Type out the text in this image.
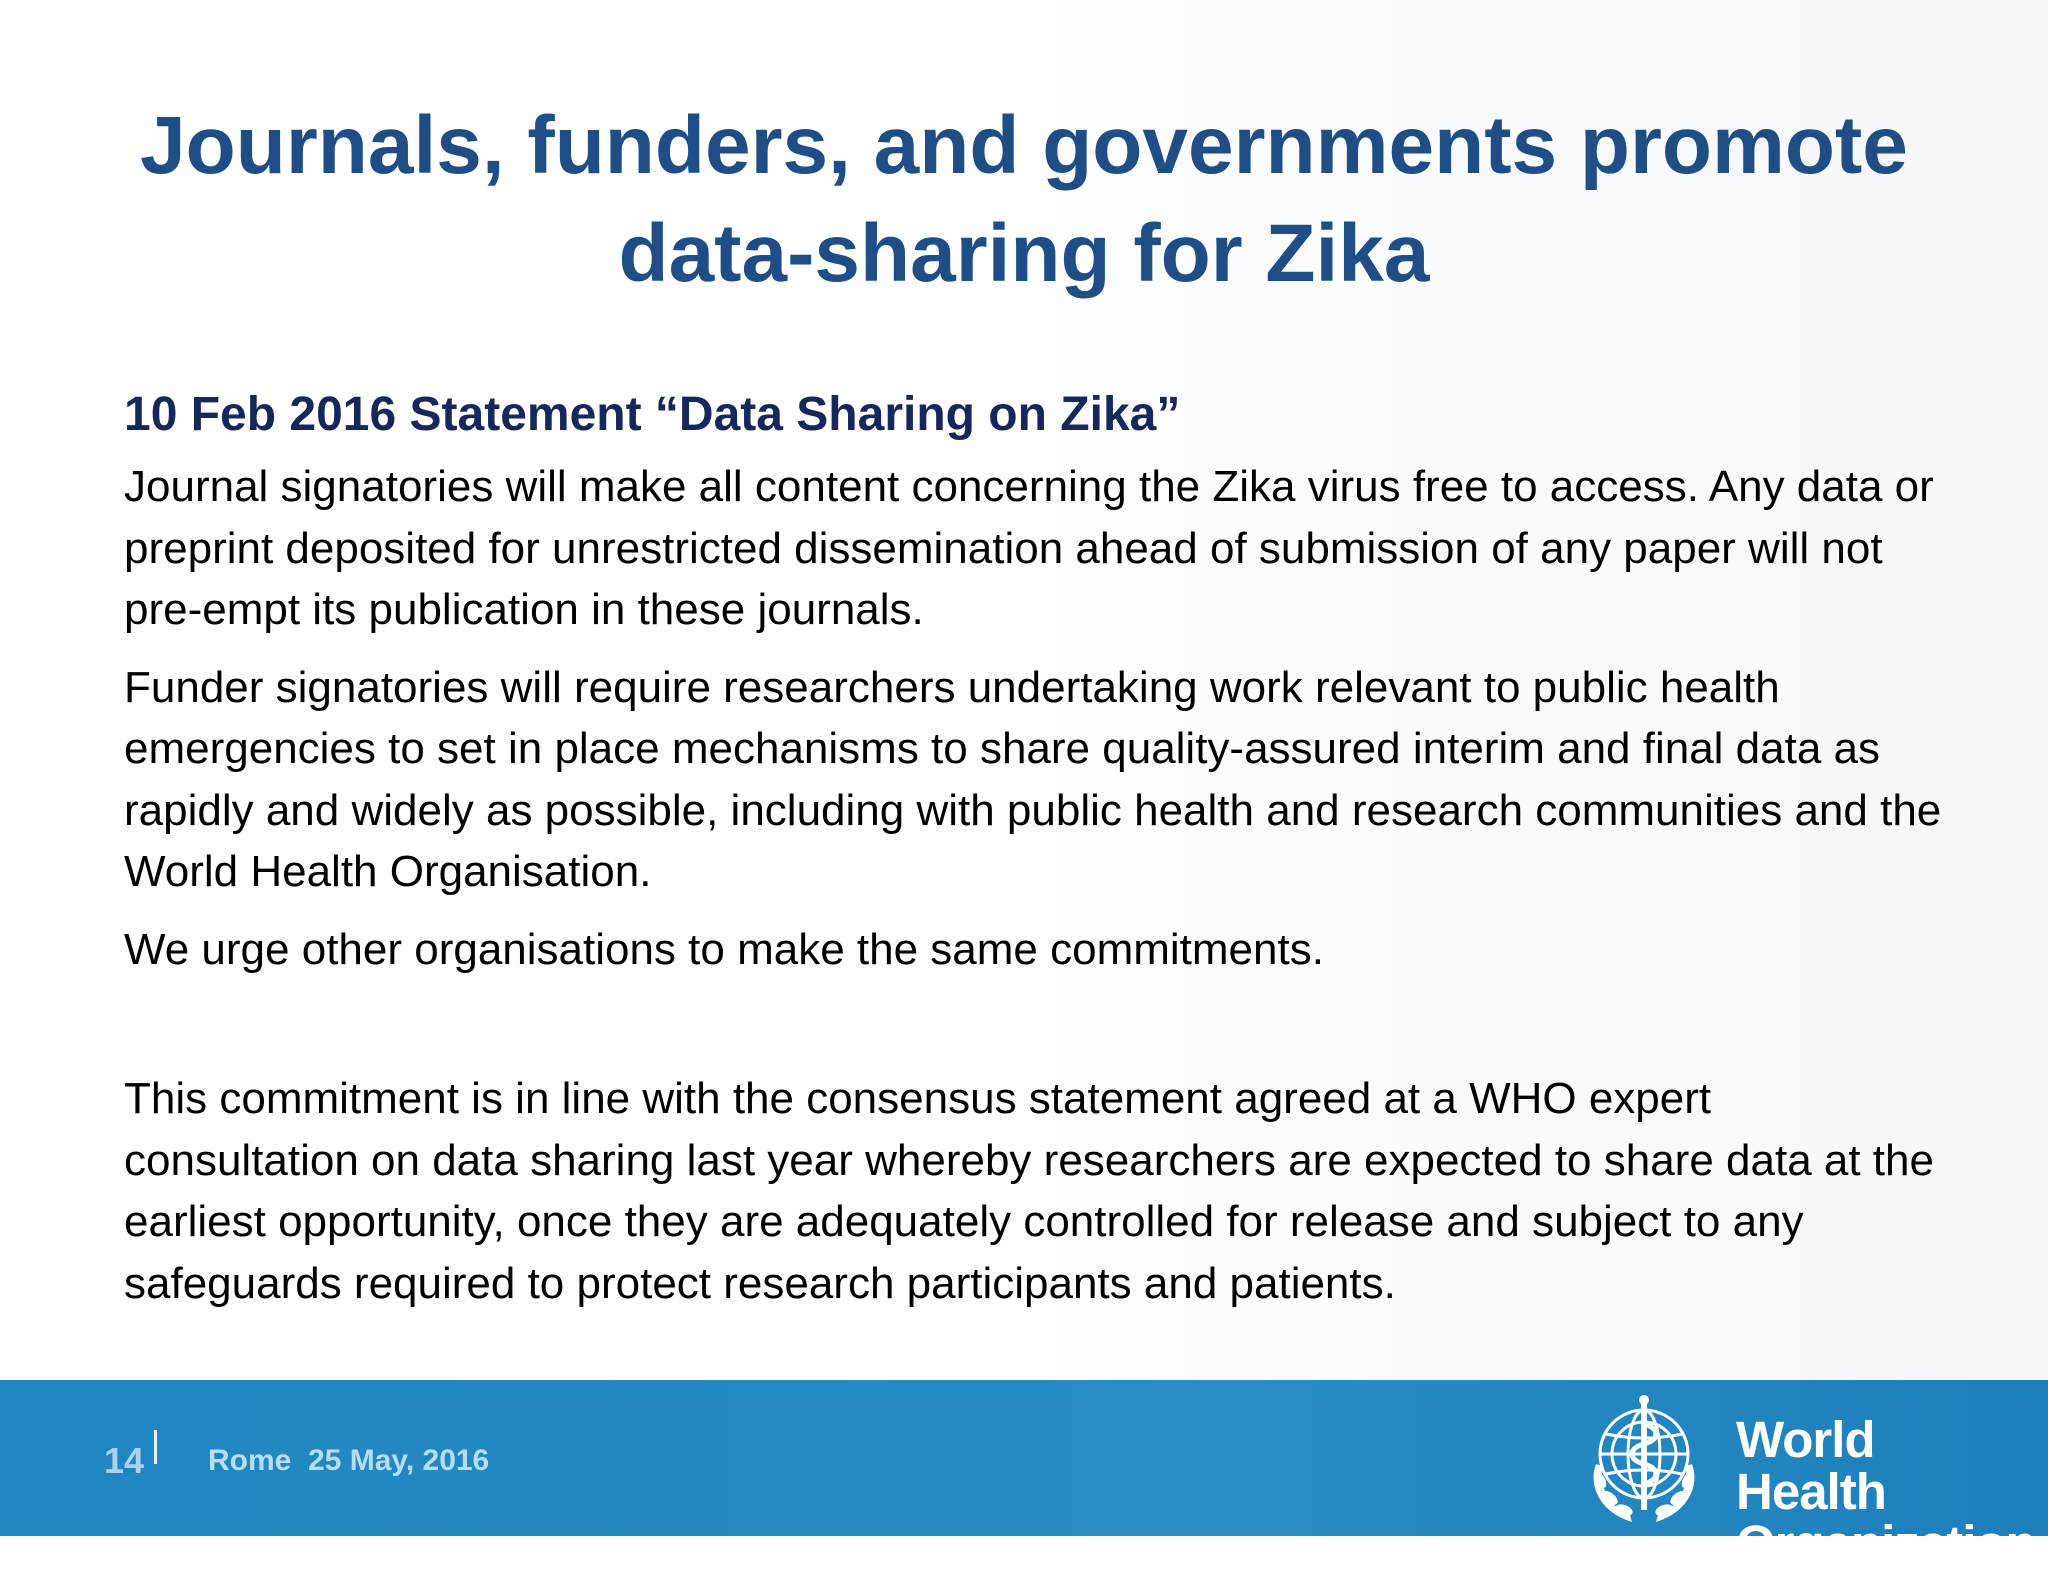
Journals, funders, and governments promote
data-sharing for Zika
10 Feb 2016 Statement “Data Sharing on Zika”

Journal signatories will make all content concerning the Zika virus free to access. Any data or preprint deposited for unrestricted dissemination ahead of submission of any paper will not pre-empt its publication in these journals.

Funder signatories will require researchers undertaking work relevant to public health emergencies to set in place mechanisms to share quality-assured interim and final data as rapidly and widely as possible, including with public health and research communities and the World Health Organisation.

We urge other organisations to make the same commitments.

This commitment is in line with the consensus statement agreed at a WHO expert consultation on data sharing last year whereby researchers are expected to share data at the earliest opportunity, once they are adequately controlled for release and subject to any safeguards required to protect research participants and patients.

14 Rome 25 May, 2016	World Health
Organization
